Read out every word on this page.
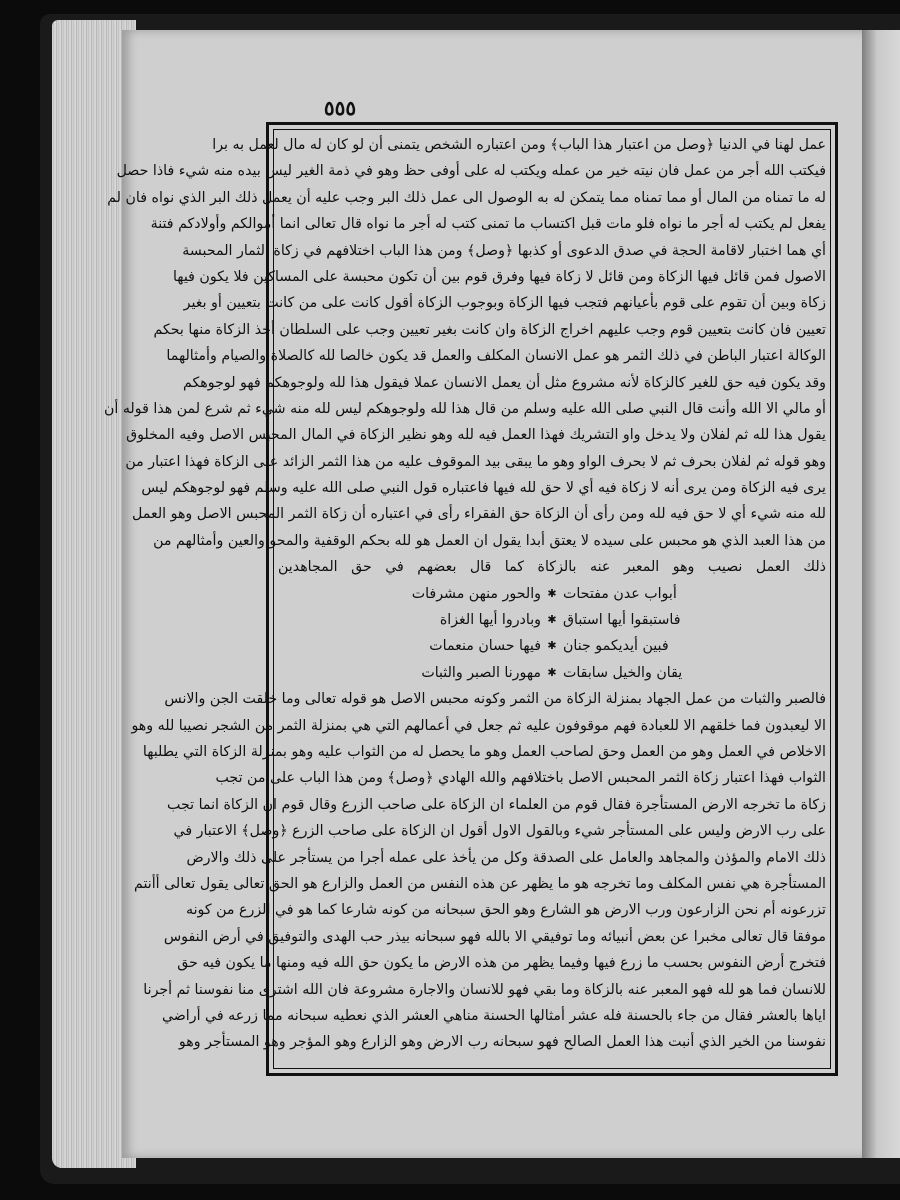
٥٥٥
عمل لهنا في الدنيا ﴿وصل من اعتبار هذا الباب﴾ ومن اعتباره الشخص يتمنى أن لو كان له مال لعمل به برا
فيكتب الله أجر من عمل فان نيته خير من عمله ويكتب له على أوفى حظ وهو في ذمة الغير ليس بيده منه شيء فاذا حصل
له ما تمناه من المال أو مما تمناه مما يتمكن له به الوصول الى عمل ذلك البر وجب عليه أن يعمل ذلك البر الذي نواه فان لم
يفعل لم يكتب له أجر ما نواه فلو مات قبل اكتساب ما تمنى كتب له أجر ما نواه قال تعالى انما أموالكم وأولادكم فتنة
أي هما اختبار لاقامة الحجة في صدق الدعوى أو كذبها ﴿وصل﴾ ومن هذا الباب اختلافهم في زكاة الثمار المحبسة
الاصول فمن قائل فيها الزكاة ومن قائل لا زكاة فيها وفرق قوم بين أن تكون محبسة على المساكين فلا يكون فيها
زكاة وبين أن تقوم على قوم بأعيانهم فتجب فيها الزكاة وبوجوب الزكاة أقول كانت على من كانت بتعيين أو بغير
تعيين فان كانت بتعيين قوم وجب عليهم اخراج الزكاة وان كانت بغير تعيين وجب على السلطان أخذ الزكاة منها بحكم
الوكالة اعتبار الباطن في ذلك الثمر هو عمل الانسان المكلف والعمل قد يكون خالصا لله كالصلاة والصيام وأمثالهما
وقد يكون فيه حق للغير كالزكاة لأنه مشروع مثل أن يعمل الانسان عملا فيقول هذا لله ولوجوهكم فهو لوجوهكم
أو مالي الا الله وأنت قال النبي صلى الله عليه وسلم من قال هذا لله ولوجوهكم ليس لله منه شيء ثم شرع لمن هذا قوله أن
يقول هذا لله ثم لفلان ولا يدخل واو التشريك فهذا العمل فيه لله وهو نظير الزكاة في المال المحبس الاصل وفيه المخلوق
وهو قوله ثم لفلان بحرف ثم لا بحرف الواو وهو ما يبقى بيد الموقوف عليه من هذا الثمر الزائد على الزكاة فهذا اعتبار من
يرى فيه الزكاة ومن يرى أنه لا زكاة فيه أي لا حق لله فيها فاعتباره قول النبي صلى الله عليه وسلم فهو لوجوهكم ليس
لله منه شيء أي لا حق فيه لله ومن رأى أن الزكاة حق الفقراء رأى في اعتباره أن زكاة الثمر المحبس الاصل وهو العمل
من هذا العبد الذي هو محبس على سيده لا يعتق أبدا يقول ان العمل هو لله بحكم الوقفية والمحو والعين وأمثالهم من
ذلك العمل نصيب وهو المعبر عنه بالزكاة كما قال بعضهم في حق المجاهدين
أبواب عدن مفتحات
✱
والحور منهن مشرفات
فاستبقوا أيها استباق
✱
وبادروا أيها الغزاة
فبين أيديكمو جنان
✱
فيها حسان منعمات
يقان والخيل سابقات
✱
مهورنا الصبر والثبات
فالصبر والثبات من عمل الجهاد بمنزلة الزكاة من الثمر وكونه محبس الاصل هو قوله تعالى وما خلقت الجن والانس
الا ليعبدون فما خلقهم الا للعبادة فهم موقوفون عليه ثم جعل في أعمالهم التي هي بمنزلة الثمر من الشجر نصيبا لله وهو
الاخلاص في العمل وهو من العمل وحق لصاحب العمل وهو ما يحصل له من الثواب عليه وهو بمنزلة الزكاة التي يطلبها
الثواب فهذا اعتبار زكاة الثمر المحبس الاصل باختلافهم والله الهادي ﴿وصل﴾ ومن هذا الباب على من تجب
زكاة ما تخرجه الارض المستأجرة فقال قوم من العلماء ان الزكاة على صاحب الزرع وقال قوم ان الزكاة انما تجب
على رب الارض وليس على المستأجر شيء وبالقول الاول أقول ان الزكاة على صاحب الزرع ﴿وصل﴾ الاعتبار في
ذلك الامام والمؤذن والمجاهد والعامل على الصدقة وكل من يأخذ على عمله أجرا من يستأجر على ذلك والارض
المستأجرة هي نفس المكلف وما تخرجه هو ما يظهر عن هذه النفس من العمل والزارع هو الحق تعالى يقول تعالى أأنتم
تزرعونه أم نحن الزارعون ورب الارض هو الشارع وهو الحق سبحانه من كونه شارعا كما هو في الزرع من كونه
موفقا قال تعالى مخبرا عن بعض أنبيائه وما توفيقي الا بالله فهو سبحانه بيذر حب الهدى والتوفيق في أرض النفوس
فتخرج أرض النفوس بحسب ما زرع فيها وفيما يظهر من هذه الارض ما يكون حق الله فيه ومنها ما يكون فيه حق
للانسان فما هو لله فهو المعبر عنه بالزكاة وما بقي فهو للانسان والاجارة مشروعة فان الله اشترى منا نفوسنا ثم أجرنا
اياها بالعشر فقال من جاء بالحسنة فله عشر أمثالها الحسنة مناهي العشر الذي نعطيه سبحانه مما زرعه في أراضي
نفوسنا من الخير الذي أنبت هذا العمل الصالح فهو سبحانه رب الارض وهو الزارع وهو المؤجر وهو المستأجر وهو
